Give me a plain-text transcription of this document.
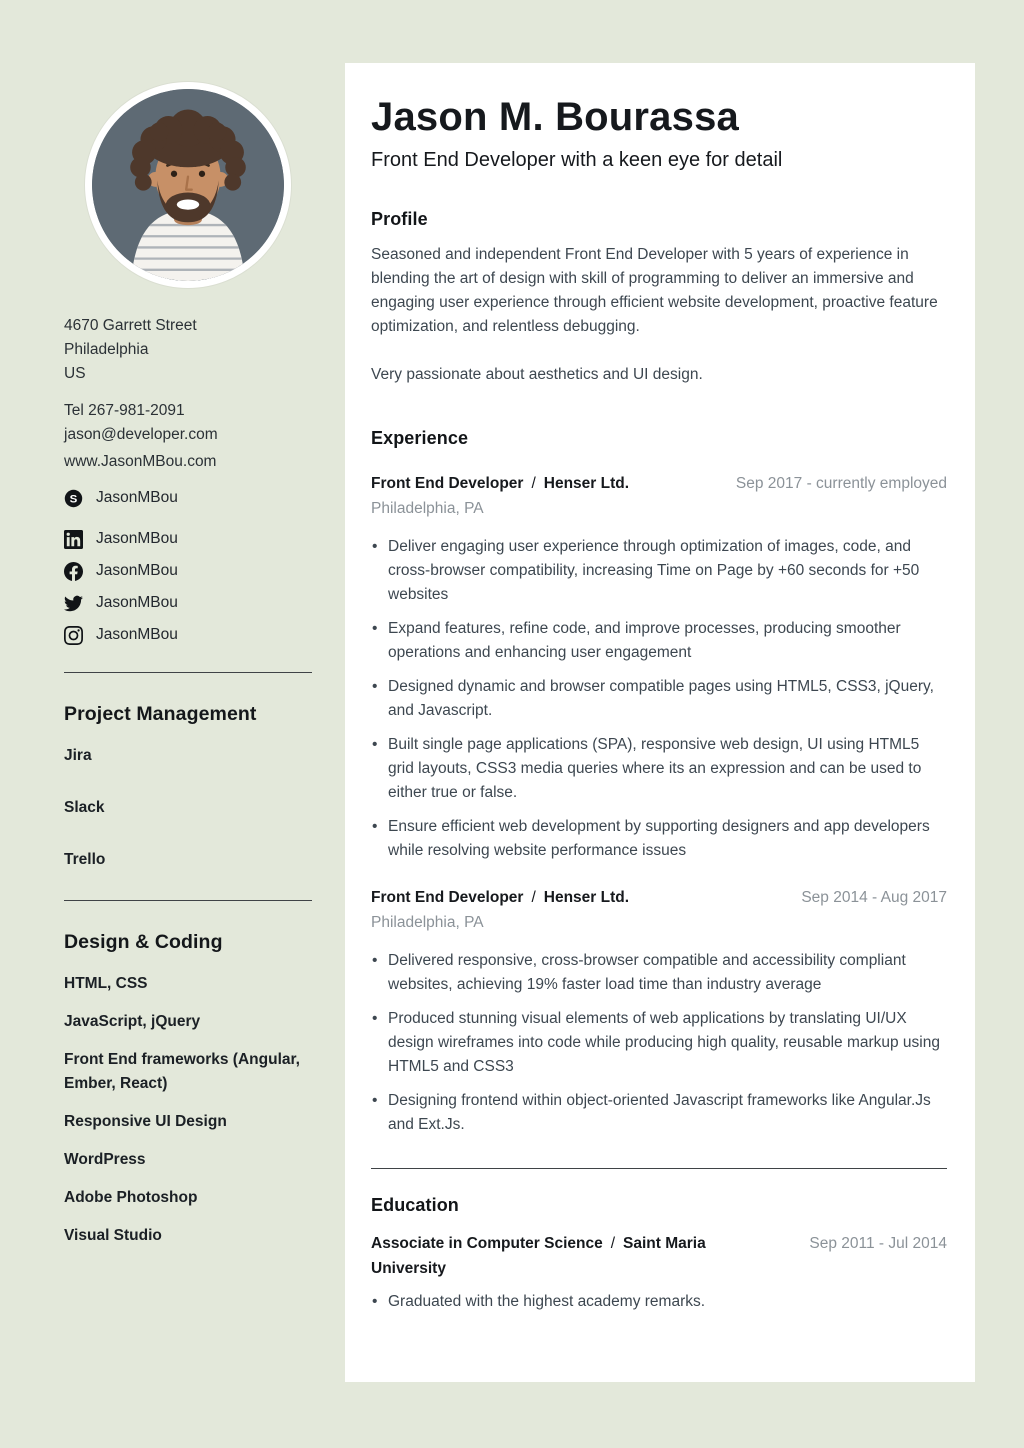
4670 Garrett Street
Philadelphia
US
Tel 267-981-2091
jason@developer.com
www.JasonMBou.com
S JasonMBou
JasonMBou
JasonMBou
JasonMBou
JasonMBou
Project Management
Jira
Slack
Trello
Design & Coding
HTML, CSS
JavaScript, jQuery
Front End frameworks (Angular, Ember, React)
Responsive UI Design
WordPress
Adobe Photoshop
Visual Studio
Jason M. Bourassa
Front End Developer with a keen eye for detail
Profile

Seasoned and independent Front End Developer with 5 years of experience in blending the art of design with skill of programming to deliver an immersive and engaging user experience through efficient website development, proactive feature optimization, and relentless debugging.

Very passionate about aesthetics and UI design.

Experience
Front End Developer / Henser Ltd.	Sep 2017 - currently employed
Philadelphia, PA
• Deliver engaging user experience through optimization of images, code, and cross-browser compatibility, increasing Time on Page by +60 seconds for +50 websites
• Expand features, refine code, and improve processes, producing smoother operations and enhancing user engagement
• Designed dynamic and browser compatible pages using HTML5, CSS3, jQuery, and Javascript.
• Built single page applications (SPA), responsive web design, UI using HTML5 grid layouts, CSS3 media queries where its an expression and can be used to either true or false.
• Ensure efficient web development by supporting designers and app developers while resolving website performance issues
Front End Developer / Henser Ltd.	Sep 2014 - Aug 2017
Philadelphia, PA
• Delivered responsive, cross-browser compatible and accessibility compliant websites, achieving 19% faster load time than industry average
• Produced stunning visual elements of web applications by translating UI/UX design wireframes into code while producing high quality, reusable markup using HTML5 and CSS3
• Designing frontend within object-oriented Javascript frameworks like Angular.Js and Ext.Js.
Education
Associate in Computer Science / Saint Maria University
Sep 2011 - Jul 2014
• Graduated with the highest academy remarks.
